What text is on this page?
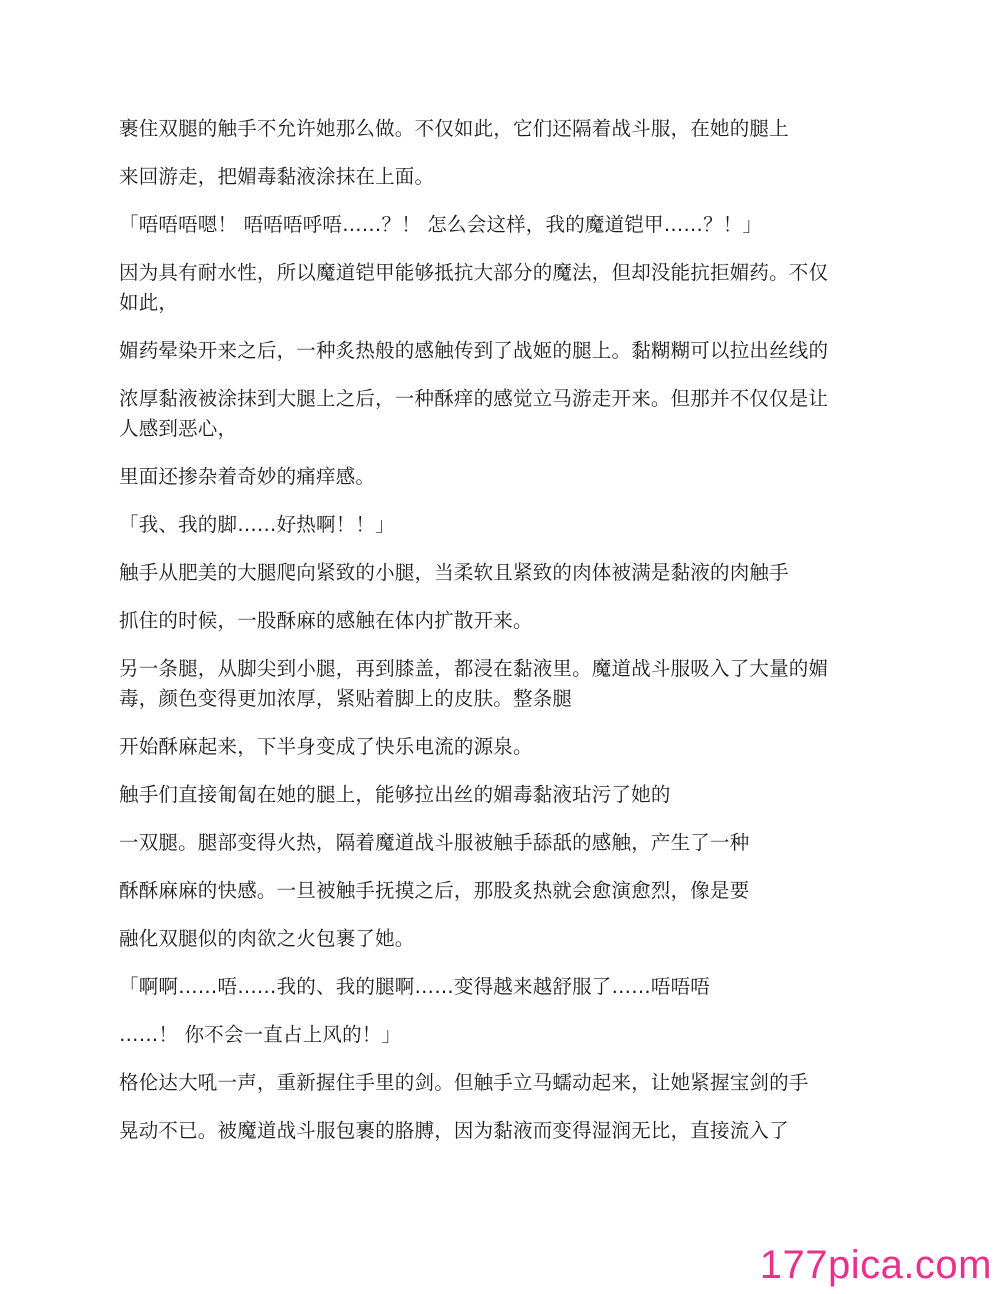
裹住双腿的触手不允许她那么做。不仅如此，它们还隔着战斗服，在她的腿上

来回游走，把媚毒黏液涂抹在上面。

「唔唔唔嗯！ 唔唔唔呼唔……？！ 怎么会这样，我的魔道铠甲……？！」

因为具有耐水性，所以魔道铠甲能够抵抗大部分的魔法，但却没能抗拒媚药。不仅
如此，

媚药晕染开来之后，一种炙热般的感触传到了战姬的腿上。黏糊糊可以拉出丝线的

浓厚黏液被涂抹到大腿上之后，一种酥痒的感觉立马游走开来。但那并不仅仅是让
人感到恶心，

里面还掺杂着奇妙的痛痒感。

「我、我的脚……好热啊！！」

触手从肥美的大腿爬向紧致的小腿，当柔软且紧致的肉体被满是黏液的肉触手

抓住的时候，一股酥麻的感触在体内扩散开来。

另一条腿，从脚尖到小腿，再到膝盖，都浸在黏液里。魔道战斗服吸入了大量的媚
毒，颜色变得更加浓厚，紧贴着脚上的皮肤。整条腿

开始酥麻起来，下半身变成了快乐电流的源泉。

触手们直接匍匐在她的腿上，能够拉出丝的媚毒黏液玷污了她的

一双腿。腿部变得火热，隔着魔道战斗服被触手舔舐的感触，产生了一种

酥酥麻麻的快感。一旦被触手抚摸之后，那股炙热就会愈演愈烈，像是要

融化双腿似的肉欲之火包裹了她。

「啊啊……唔……我的、我的腿啊……变得越来越舒服了……唔唔唔

……！ 你不会一直占上风的！」

格伦达大吼一声，重新握住手里的剑。但触手立马蠕动起来，让她紧握宝剑的手

晃动不已。被魔道战斗服包裹的胳膊，因为黏液而变得湿润无比，直接流入了

177pica.com
